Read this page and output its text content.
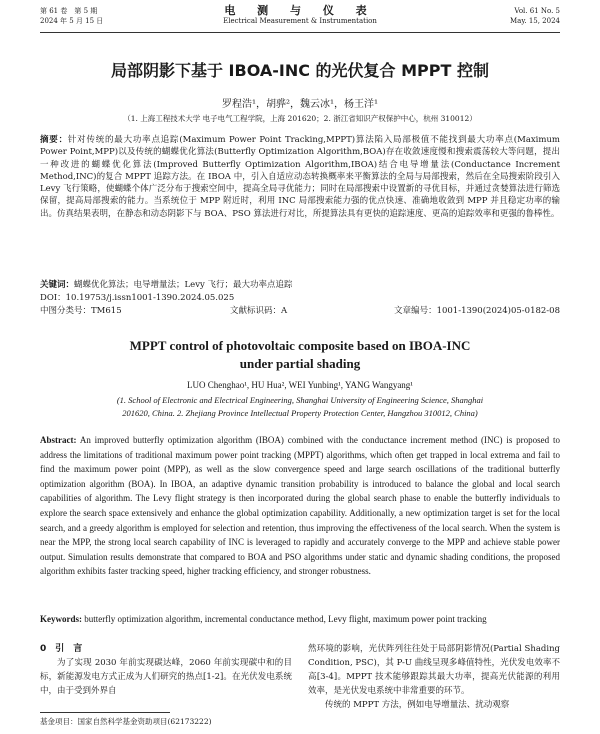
第 61 卷　第 5 期
2024 年 5 月 15 日
电 测 与 仪 表
Electrical Measurement & Instrumentation
Vol. 61 No. 5
May. 15, 2024
局部阴影下基于 IBOA-INC 的光伏复合 MPPT 控制
罗程浩¹，胡骅²，魏云冰¹，杨王洋¹
（1. 上海工程技术大学 电子电气工程学院，上海 201620；2. 浙江省知识产权保护中心，杭州 310012）
摘要：针对传统的最大功率点追踪(Maximum Power Point Tracking,MPPT)算法陷入局部极值不能找到最大功率点(Maximum Power Point,MPP)以及传统的蝴蝶优化算法(Butterfly Optimization Algorithm,BOA)存在收敛速度慢和搜索震荡较大等问题，提出一种改进的蝴蝶优化算法(Improved Butterfly Optimization Algorithm,IBOA)结合电导增量法(Conductance Increment Method,INC)的复合 MPPT 追踪方法。在 IBOA 中，引入自适应动态转换概率来平衡算法的全局与局部搜索，然后在全局搜索阶段引入 Levy 飞行策略，使蝴蝶个体广泛分布于搜索空间中，提高全局寻优能力；同时在局部搜索中设置新的寻优目标，并通过贪婪算法进行筛选保留，提高局部搜索的能力。当系统位于 MPP 附近时，利用 INC 局部搜索能力强的优点快速、准确地收敛到 MPP 并且稳定功率的输出。仿真结果表明，在静态和动态阴影下与 BOA、PSO 算法进行对比，所提算法具有更快的追踪速度、更高的追踪效率和更强的鲁棒性。
关键词：蝴蝶优化算法；电导增量法；Levy 飞行；最大功率点追踪
DOI：10.19753/j.issn1001-1390.2024.05.025
中图分类号：TM615	文献标识码：A	文章编号：1001-1390(2024)05-0182-08
MPPT control of photovoltaic composite based on IBOA-INC
under partial shading
LUO Chenghao¹, HU Hua², WEI Yunbing¹, YANG Wangyang¹
(1. School of Electronic and Electrical Engineering, Shanghai University of Engineering Science, Shanghai
201620, China. 2. Zhejiang Province Intellectual Property Protection Center, Hangzhou 310012, China)
Abstract: An improved butterfly optimization algorithm (IBOA) combined with the conductance increment method (INC) is proposed to address the limitations of traditional maximum power point tracking (MPPT) algorithms, which often get trapped in local extrema and fail to find the maximum power point (MPP), as well as the slow convergence speed and large search oscillations of the traditional butterfly optimization algorithm (BOA). In IBOA, an adaptive dynamic transition probability is introduced to balance the global and local search capabilities of algorithm. The Levy flight strategy is then incorporated during the global search phase to enable the butterfly individuals to explore the search space extensively and enhance the global optimization capability. Additionally, a new optimization target is set for the local search, and a greedy algorithm is employed for selection and retention, thus improving the effectiveness of the local search. When the system is near the MPP, the strong local search capability of INC is leveraged to rapidly and accurately converge to the MPP and achieve stable power output. Simulation results demonstrate that compared to BOA and PSO algorithms under static and dynamic shading conditions, the proposed algorithm exhibits faster tracking speed, higher tracking efficiency, and stronger robustness.
Keywords: butterfly optimization algorithm, incremental conductance method, Levy flight, maximum power point tracking
0　引　言
为了实现 2030 年前实现碳达峰，2060 年前实现碳中和的目标，新能源发电方式正成为人们研究的热点[1-2]。在光伏发电系统中，由于受到外界自
然环境的影响，光伏阵列往往处于局部阴影情况(Partial Shading Condition, PSC)，其 P-U 曲线呈现多峰值特性，光伏发电效率不高[3-4]。MPPT 技术能够跟踪其最大功率，提高光伏能源的利用效率，是光伏发电系统中非常重要的环节。
　　传统的 MPPT 方法，例如电导增量法、扰动观察
基金项目：国家自然科学基金资助项目(62173222)
